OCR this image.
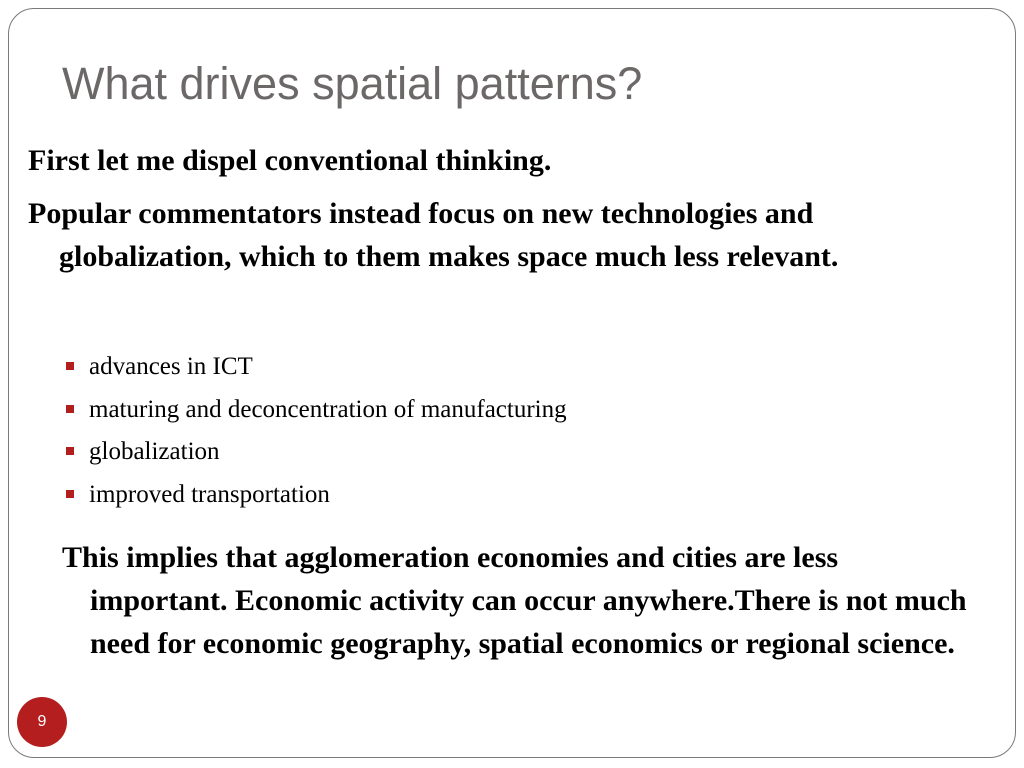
What drives spatial patterns?

First let me dispel conventional thinking.

Popular commentators instead focus on new technologies and globalization, which to them makes space much less relevant.

advances in ICT
maturing and deconcentration of manufacturing
globalization
improved transportation

This implies that agglomeration economies and cities are less important. Economic activity can occur anywhere.There is not much need for economic geography, spatial economics or regional science.

9
